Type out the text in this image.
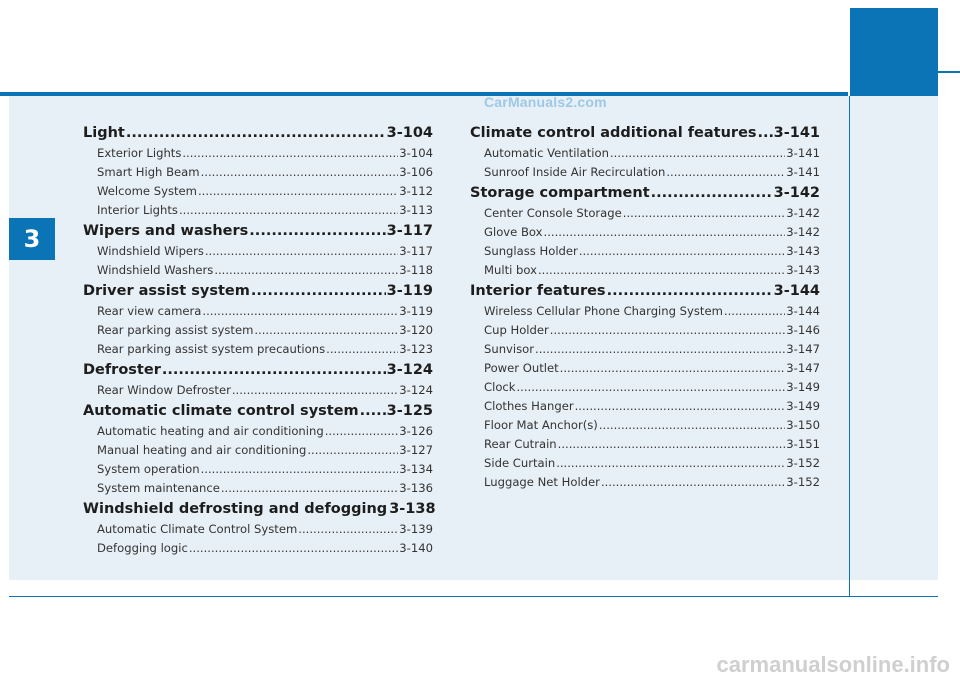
3
CarManuals2.com
carmanualsonline.info
Light .....	3-104
Exterior Lights .....	3-104
Smart High Beam .....	3-106
Welcome System .....	3-112
Interior Lights .....	3-113
Wipers and washers .....	3-117
Windshield Wipers .....	3-117
Windshield Washers .....	3-118
Driver assist system .....	3-119
Rear view camera .....	3-119
Rear parking assist system .....	3-120
Rear parking assist system precautions .....	3-123
Defroster .....	3-124
Rear Window Defroster .....	3-124
Automatic climate control system ..... 3-125
Automatic heating and air conditioning .....	3-126
Manual heating and air conditioning .....	3-127
System operation .....	3-134
System maintenance .....	3-136
Windshield defrosting and defogging 3-138
Automatic Climate Control System .....	3-139
Defogging logic .....	3-140
Climate control additional features ..... 3-141
Automatic Ventilation .....	3-141
Sunroof Inside Air Recirculation .....	3-141
Storage compartment .....	3-142
Center Console Storage .....	3-142
Glove Box .....	3-142
Sunglass Holder .....	3-143
Multi box .....	3-143
Interior features .....	3-144
Wireless Cellular Phone Charging System .....	3-144
Cup Holder .....	3-146
Sunvisor .....	3-147
Power Outlet .....	3-147
Clock .....	3-149
Clothes Hanger .....	3-149
Floor Mat Anchor(s) .....	3-150
Rear Cutrain .....	3-151
Side Curtain .....	3-152
Luggage Net Holder .....	3-152
